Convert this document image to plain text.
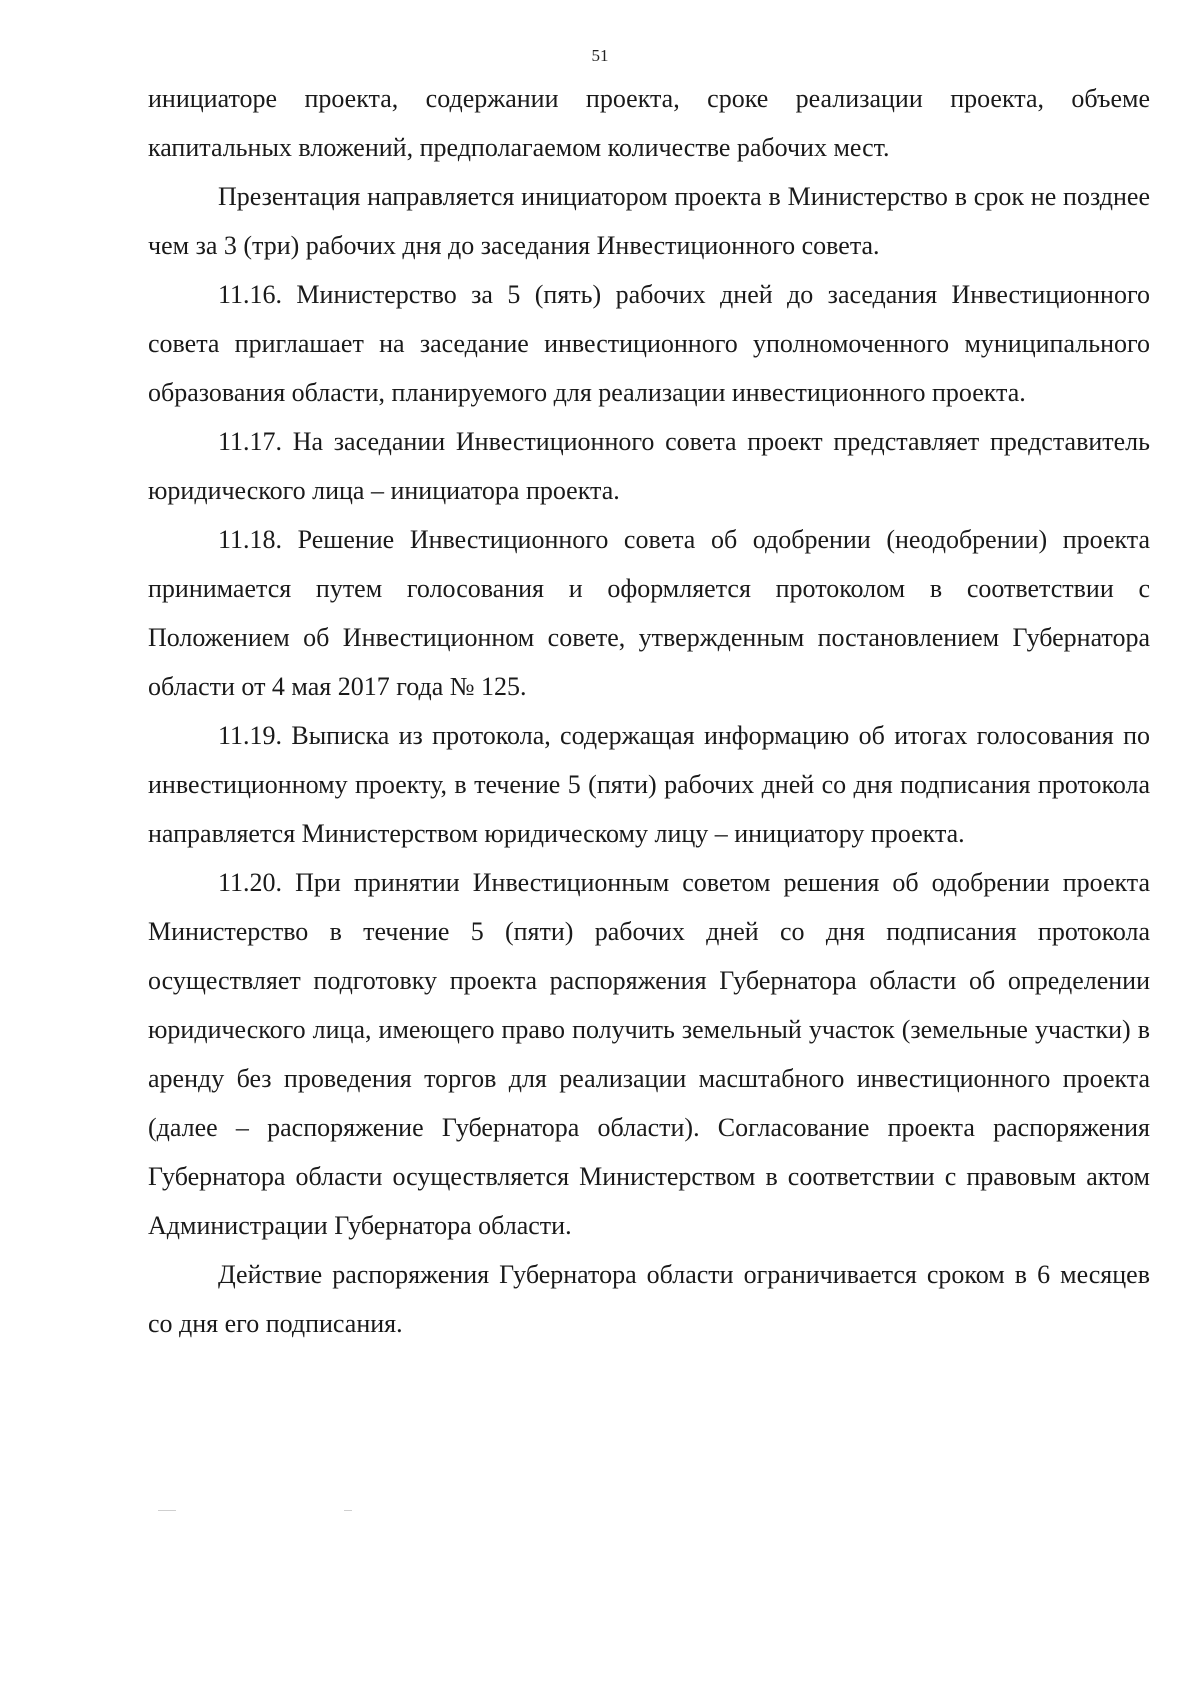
51

инициаторе проекта, содержании проекта, сроке реализации проекта, объеме капитальных вложений, предполагаемом количестве рабочих мест.

Презентация направляется инициатором проекта в Министерство в срок не позднее чем за 3 (три) рабочих дня до заседания Инвестиционного совета.

11.16. Министерство за 5 (пять) рабочих дней до заседания Инвестиционного совета приглашает на заседание инвестиционного уполномоченного муниципального образования области, планируемого для реализации инвестиционного проекта.

11.17. На заседании Инвестиционного совета проект представляет представитель юридического лица – инициатора проекта.

11.18. Решение Инвестиционного совета об одобрении (неодобрении) проекта принимается путем голосования и оформляется протоколом в соответствии с Положением об Инвестиционном совете, утвержденным постановлением Губернатора области от 4 мая 2017 года № 125.

11.19. Выписка из протокола, содержащая информацию об итогах голосования по инвестиционному проекту, в течение 5 (пяти) рабочих дней со дня подписания протокола направляется Министерством юридическому лицу – инициатору проекта.

11.20. При принятии Инвестиционным советом решения об одобрении проекта Министерство в течение 5 (пяти) рабочих дней со дня подписания протокола осуществляет подготовку проекта распоряжения Губернатора области об определении юридического лица, имеющего право получить земельный участок (земельные участки) в аренду без проведения торгов для реализации масштабного инвестиционного проекта (далее – распоряжение Губернатора области). Согласование проекта распоряжения Губернатора области осуществляется Министерством в соответствии с правовым актом Администрации Губернатора области.

Действие распоряжения Губернатора области ограничивается сроком в 6 месяцев со дня его подписания.
